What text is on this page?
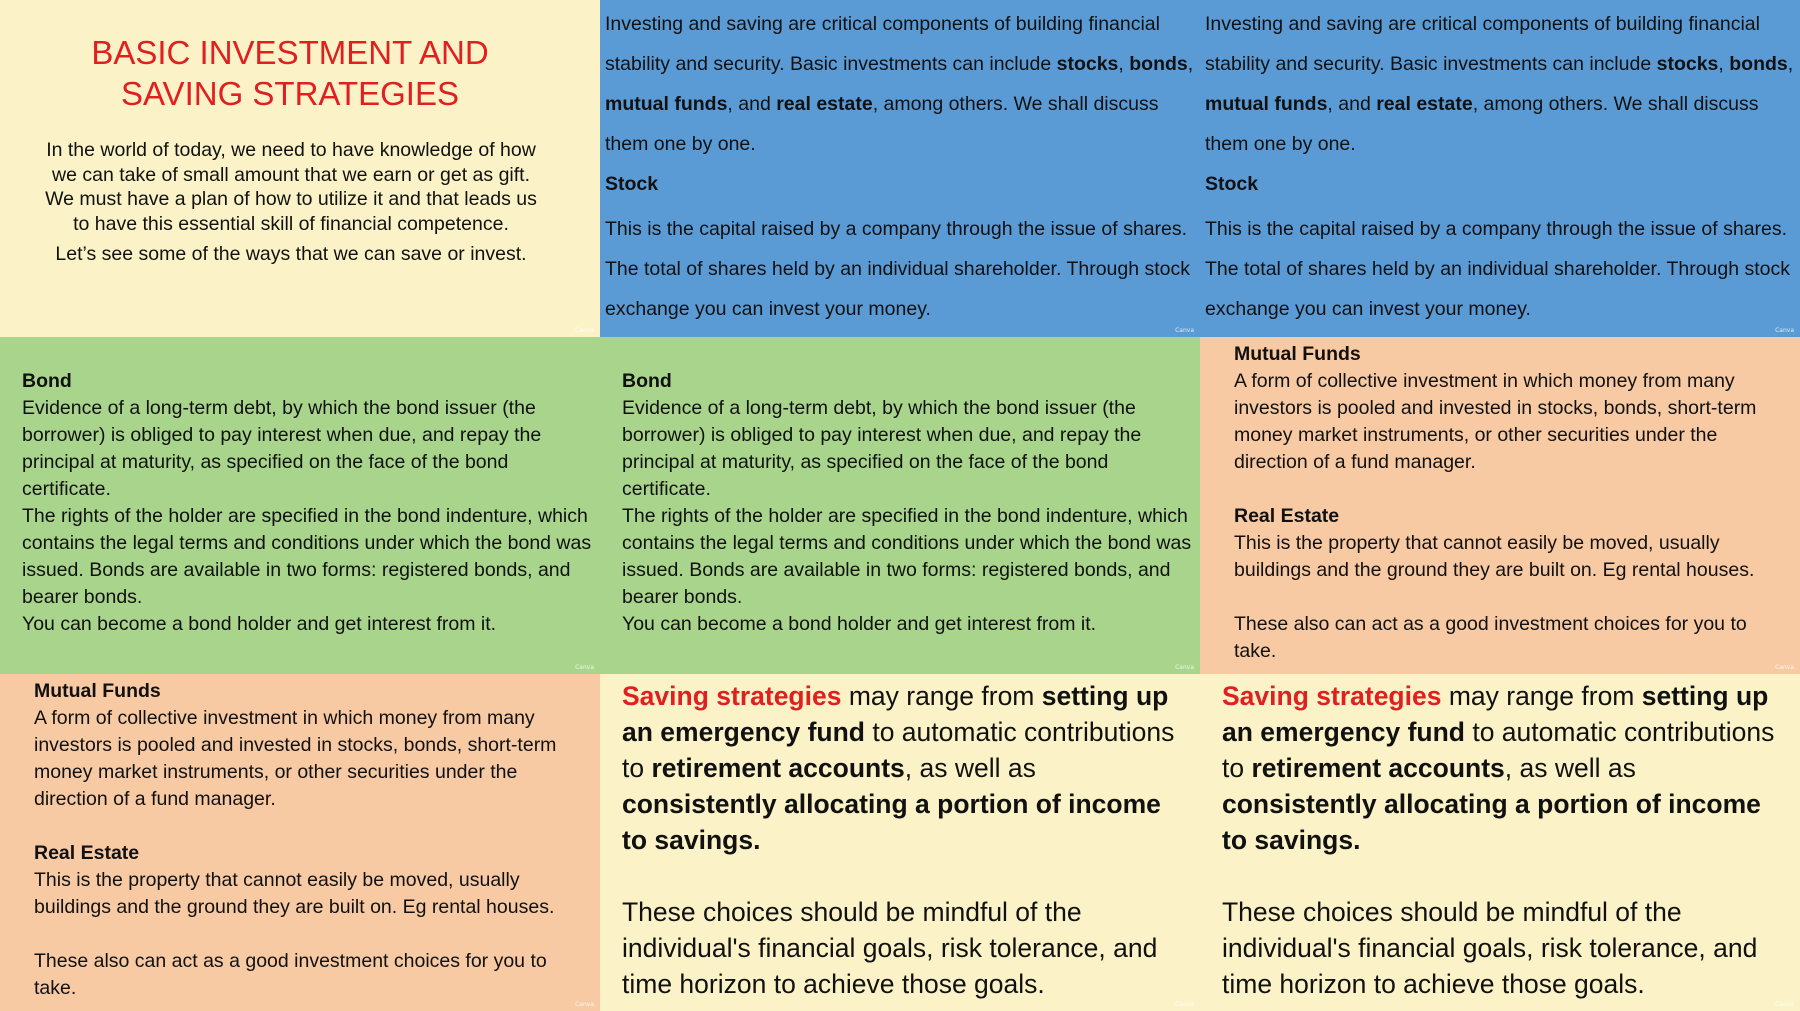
BASIC INVESTMENT AND SAVING STRATEGIES

In the world of today, we need to have knowledge of how we can take of small amount that we earn or get as gift. We must have a plan of how to utilize it and that leads us to have this essential skill of financial competence.

Let’s see some of the ways that we can save or invest.

Canva

Investing and saving are critical components of building financial stability and security. Basic investments can include stocks, bonds, mutual funds, and real estate, among others. We shall discuss them one by one.

Stock

This is the capital raised by a company through the issue of shares. The total of shares held by an individual shareholder. Through stock exchange you can invest your money.

Canva

Investing and saving are critical components of building financial stability and security. Basic investments can include stocks, bonds, mutual funds, and real estate, among others. We shall discuss them one by one.

Stock

This is the capital raised by a company through the issue of shares. The total of shares held by an individual shareholder. Through stock exchange you can invest your money.

Canva

Bond

Evidence of a long-term debt, by which the bond issuer (the borrower) is obliged to pay interest when due, and repay the principal at maturity, as specified on the face of the bond certificate.

The rights of the holder are specified in the bond indenture, which contains the legal terms and conditions under which the bond was issued. Bonds are available in two forms: registered bonds, and bearer bonds.

You can become a bond holder and get interest from it.

Canva

Bond

Evidence of a long-term debt, by which the bond issuer (the borrower) is obliged to pay interest when due, and repay the principal at maturity, as specified on the face of the bond certificate.

The rights of the holder are specified in the bond indenture, which contains the legal terms and conditions under which the bond was issued. Bonds are available in two forms: registered bonds, and bearer bonds.

You can become a bond holder and get interest from it.

Canva

Mutual Funds

A form of collective investment in which money from many investors is pooled and invested in stocks, bonds, short-term money market instruments, or other securities under the direction of a fund manager.

Real Estate

This is the property that cannot easily be moved, usually buildings and the ground they are built on. Eg rental houses.

These also can act as a good investment choices for you to take.

Canva

Mutual Funds

A form of collective investment in which money from many investors is pooled and invested in stocks, bonds, short-term money market instruments, or other securities under the direction of a fund manager.

Real Estate

This is the property that cannot easily be moved, usually buildings and the ground they are built on. Eg rental houses.

These also can act as a good investment choices for you to take.

Canva

Saving strategies may range from setting up an emergency fund to automatic contributions to retirement accounts, as well as consistently allocating a portion of income to savings.

These choices should be mindful of the individual's financial goals, risk tolerance, and time horizon to achieve those goals.

Canva

Saving strategies may range from setting up an emergency fund to automatic contributions to retirement accounts, as well as consistently allocating a portion of income to savings.

These choices should be mindful of the individual's financial goals, risk tolerance, and time horizon to achieve those goals.

Canva
